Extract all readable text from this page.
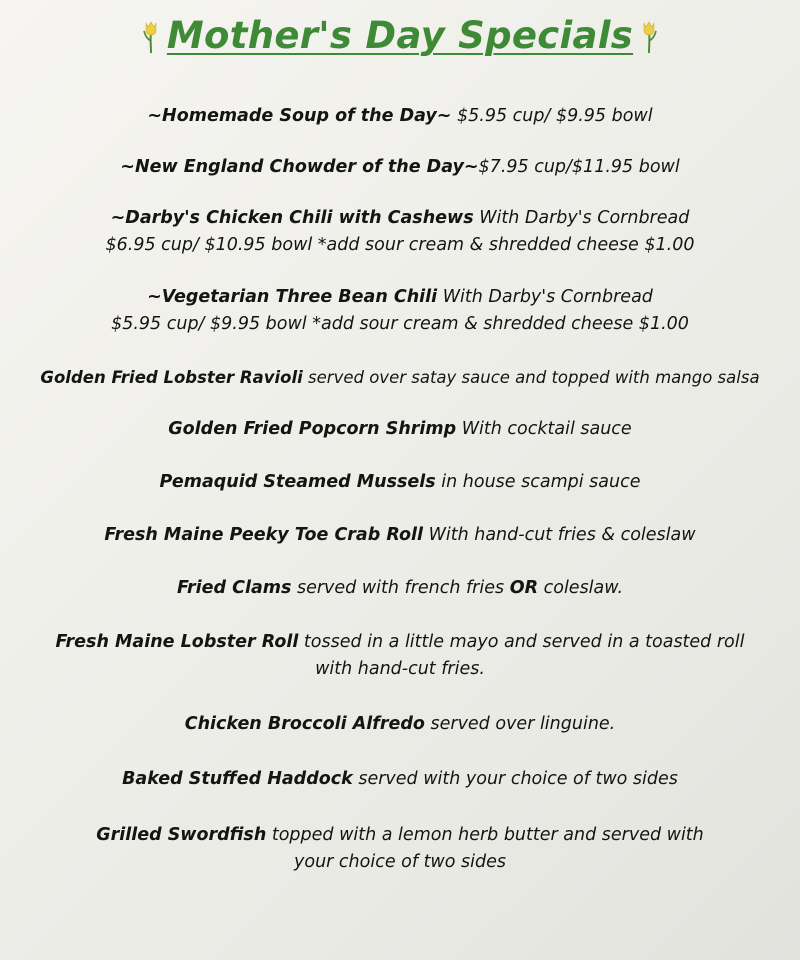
Mother's Day Specials
~Homemade Soup of the Day~ $5.95 cup/ $9.95 bowl
~New England Chowder of the Day~$7.95 cup/$11.95 bowl
~Darby's Chicken Chili with Cashews With Darby's Cornbread
$6.95 cup/ $10.95 bowl *add sour cream & shredded cheese $1.00
~Vegetarian Three Bean Chili With Darby's Cornbread
$5.95 cup/ $9.95 bowl *add sour cream & shredded cheese $1.00
Golden Fried Lobster Ravioli served over satay sauce and topped with mango salsa
Golden Fried Popcorn Shrimp With cocktail sauce
Pemaquid Steamed Mussels in house scampi sauce
Fresh Maine Peeky Toe Crab Roll With hand-cut fries & coleslaw
Fried Clams served with french fries OR coleslaw.
Fresh Maine Lobster Roll tossed in a little mayo and served in a toasted roll
with hand-cut fries.
Chicken Broccoli Alfredo served over linguine.
Baked Stuffed Haddock served with your choice of two sides
Grilled Swordfish topped with a lemon herb butter and served with
your choice of two sides
